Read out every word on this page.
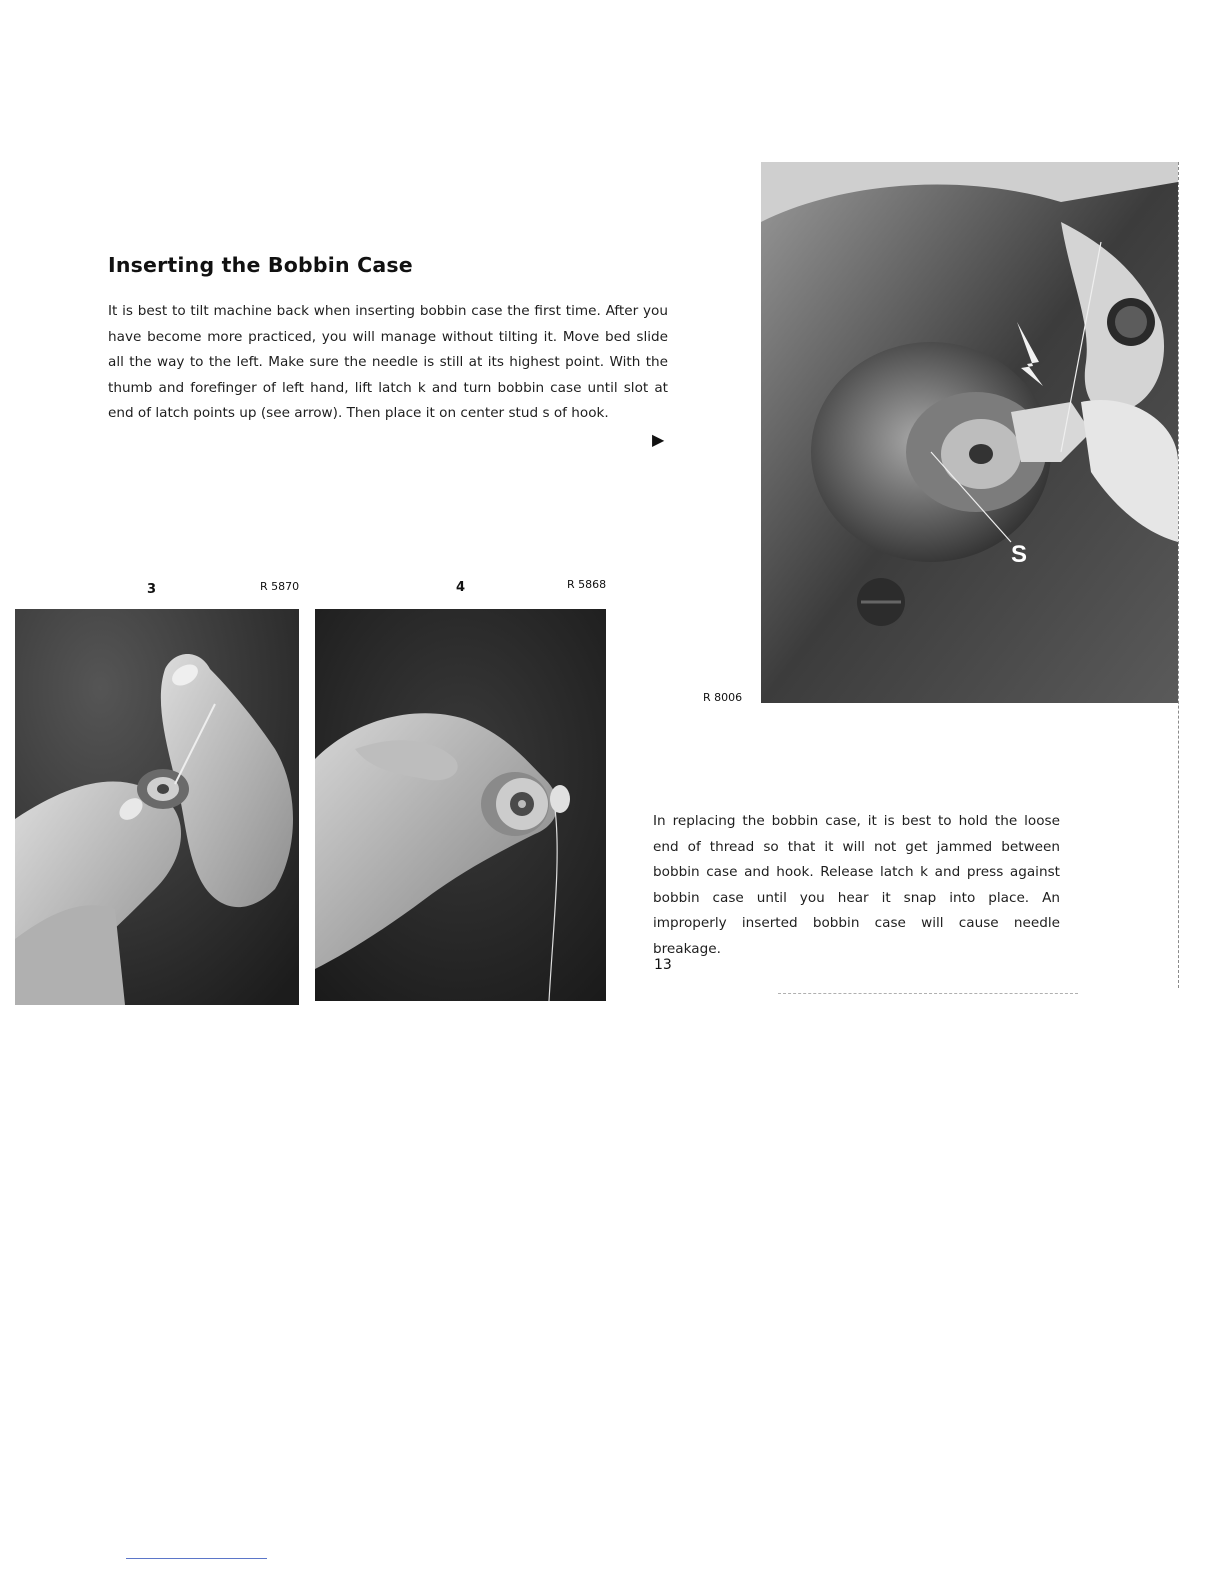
Inserting the Bobbin Case
It is best to tilt machine back when inserting bobbin case the first time. After you have become more practiced, you will manage without tilting it. Move bed slide all the way to the left. Make sure the needle is still at its highest point. With the thumb and forefinger of left hand, lift latch k and turn bobbin case until slot at end of latch points up (see arrow). Then place it on center stud s of hook.
▶
3	R 5870	4	R 5868
S
R 8006
In replacing the bobbin case, it is best to hold the loose end of thread so that it will not get jammed between bobbin case and hook. Release latch k and press against bobbin case until you hear it snap into place. An improperly inserted bobbin case will cause needle breakage.
13
